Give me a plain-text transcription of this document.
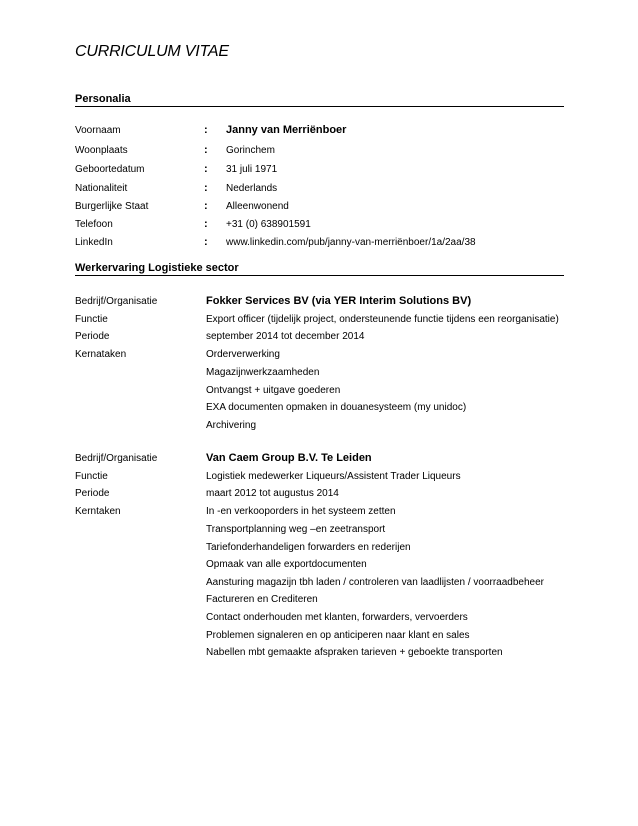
CURRICULUM VITAE
Personalia
Voornaam	: Janny van Merriënboer
Woonplaats	: Gorinchem
Geboortedatum	: 31 juli 1971
Nationaliteit	: Nederlands
Burgerlijke Staat	: Alleenwonend
Telefoon	: +31 (0) 638901591
LinkedIn	: www.linkedin.com/pub/janny-van-merriënboer/1a/2aa/38
Werkervaring Logistieke sector
Bedrijf/Organisatie	Fokker Services BV (via YER Interim Solutions BV)
Functie	Export officer (tijdelijk project, ondersteunende functie tijdens een reorganisatie)
Periode	september 2014 tot december 2014
Kernataken	Orderverwerking
Magazijnwerkzaamheden
Ontvangst + uitgave goederen
EXA documenten opmaken in douanesysteem (my unidoc)
Archivering
Bedrijf/Organisatie	Van Caem Group B.V. Te Leiden
Functie	Logistiek medewerker Liqueurs/Assistent Trader Liqueurs
Periode	maart 2012 tot augustus 2014
Kerntaken	In -en verkooporders in het systeem zetten
Transportplanning weg –en zeetransport
Tariefonderhandeligen forwarders en rederijen
Opmaak van alle exportdocumenten
Aansturing magazijn tbh laden / controleren van laadlijsten / voorraadbeheer
Factureren en Crediteren
Contact onderhouden met klanten, forwarders, vervoerders
Problemen signaleren en op anticiperen naar klant en sales
Nabellen mbt gemaakte afspraken tarieven + geboekte transporten
